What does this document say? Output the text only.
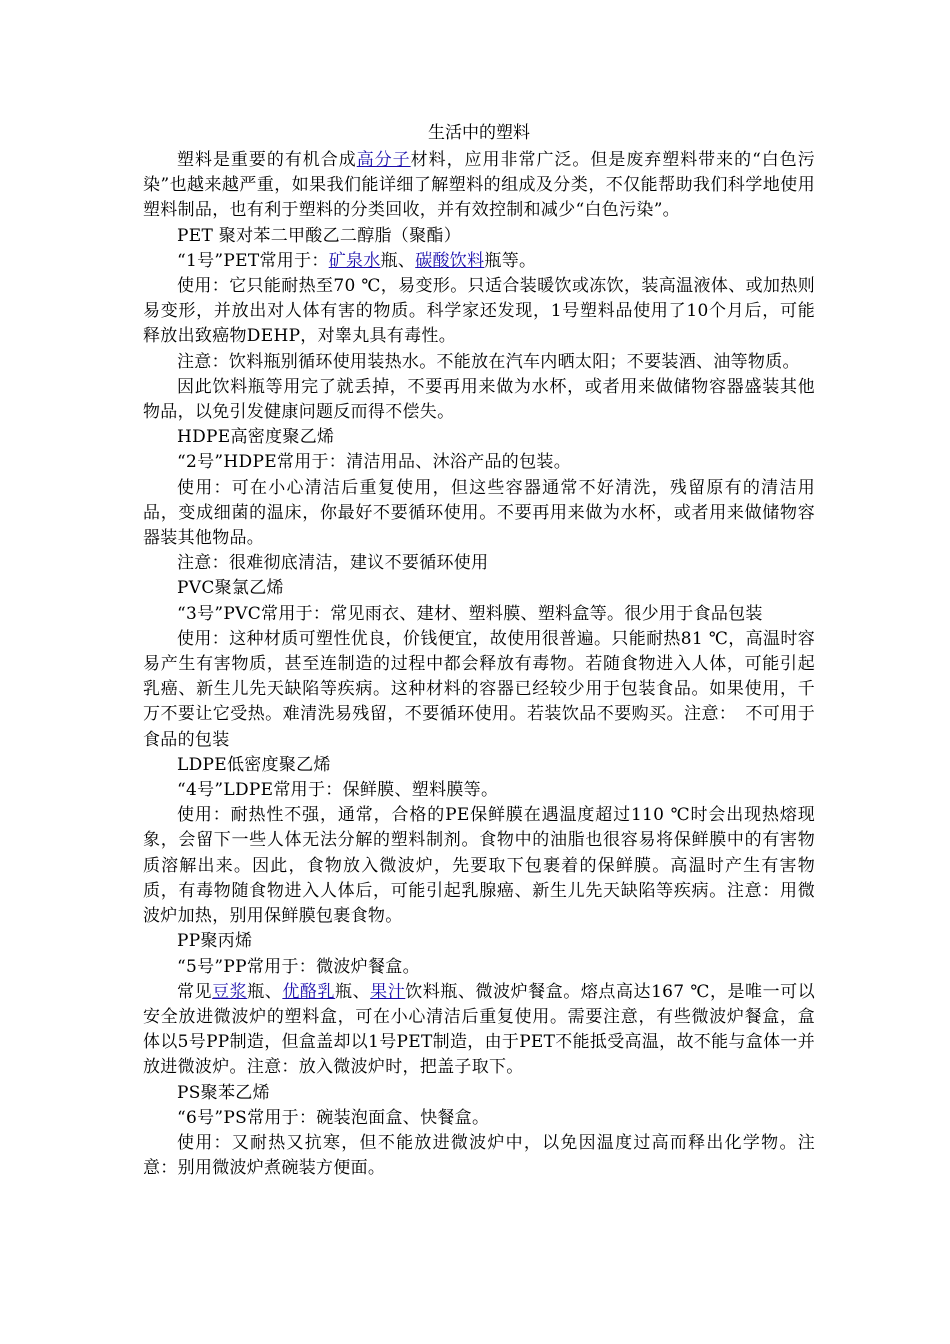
生活中的塑料

塑料是重要的有机合成高分子材料，应用非常广泛。但是废弃塑料带来的“白色污染”也越来越严重，如果我们能详细了解塑料的组成及分类，不仅能帮助我们科学地使用塑料制品，也有利于塑料的分类回收，并有效控制和减少“白色污染”。

PET 聚对苯二甲酸乙二醇脂（聚酯）

“1号”PET常用于：矿泉水瓶、碳酸饮料瓶等。

使用：它只能耐热至70 ℃，易变形。只适合装暖饮或冻饮，装高温液体、或加热则易变形，并放出对人体有害的物质。科学家还发现，1号塑料品使用了10个月后，可能释放出致癌物DEHP，对睾丸具有毒性。

注意：饮料瓶别循环使用装热水。不能放在汽车内晒太阳；不要装酒、油等物质。

因此饮料瓶等用完了就丢掉，不要再用来做为水杯，或者用来做储物容器盛装其他物品，以免引发健康问题反而得不偿失。

HDPE高密度聚乙烯

“2号”HDPE常用于：清洁用品、沐浴产品的包装。

使用：可在小心清洁后重复使用，但这些容器通常不好清洗，残留原有的清洁用品，变成细菌的温床，你最好不要循环使用。不要再用来做为水杯，或者用来做储物容器装其他物品。

注意：很难彻底清洁，建议不要循环使用

PVC聚氯乙烯

“3号”PVC常用于：常见雨衣、建材、塑料膜、塑料盒等。很少用于食品包装

使用：这种材质可塑性优良，价钱便宜，故使用很普遍。只能耐热81 ℃，高温时容易产生有害物质，甚至连制造的过程中都会释放有毒物。若随食物进入人体，可能引起乳癌、新生儿先天缺陷等疾病。这种材料的容器已经较少用于包装食品。如果使用，千万不要让它受热。难清洗易残留，不要循环使用。若装饮品不要购买。注意：　不可用于食品的包装

LDPE低密度聚乙烯

“4号”LDPE常用于：保鲜膜、塑料膜等。

使用：耐热性不强，通常，合格的PE保鲜膜在遇温度超过110 ℃时会出现热熔现象，会留下一些人体无法分解的塑料制剂。食物中的油脂也很容易将保鲜膜中的有害物质溶解出来。因此，食物放入微波炉，先要取下包裹着的保鲜膜。高温时产生有害物质，有毒物随食物进入人体后，可能引起乳腺癌、新生儿先天缺陷等疾病。注意：用微波炉加热，别用保鲜膜包裹食物。

PP聚丙烯

“5号”PP常用于：微波炉餐盒。

常见豆浆瓶、优酪乳瓶、果汁饮料瓶、微波炉餐盒。熔点高达167 ℃，是唯一可以安全放进微波炉的塑料盒，可在小心清洁后重复使用。需要注意，有些微波炉餐盒，盒体以5号PP制造，但盒盖却以1号PET制造，由于PET不能抵受高温，故不能与盒体一并放进微波炉。注意：放入微波炉时，把盖子取下。

PS聚苯乙烯

“6号”PS常用于：碗装泡面盒、快餐盒。

使用：又耐热又抗寒，但不能放进微波炉中，以免因温度过高而释出化学物。注意：别用微波炉煮碗装方便面。
